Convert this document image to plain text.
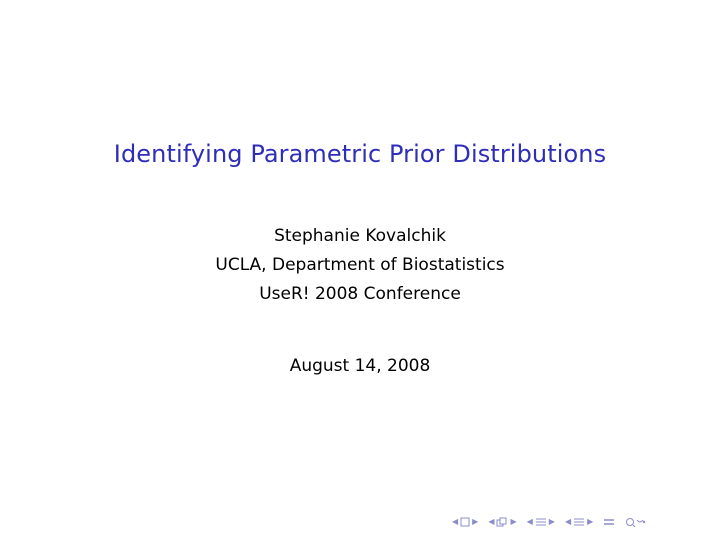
Identifying Parametric Prior Distributions
Stephanie Kovalchik
UCLA, Department of Biostatistics
UseR! 2008 Conference
August 14, 2008
◀ ▶ ◀ ▶ ◀ ▶ ◀ ▶
